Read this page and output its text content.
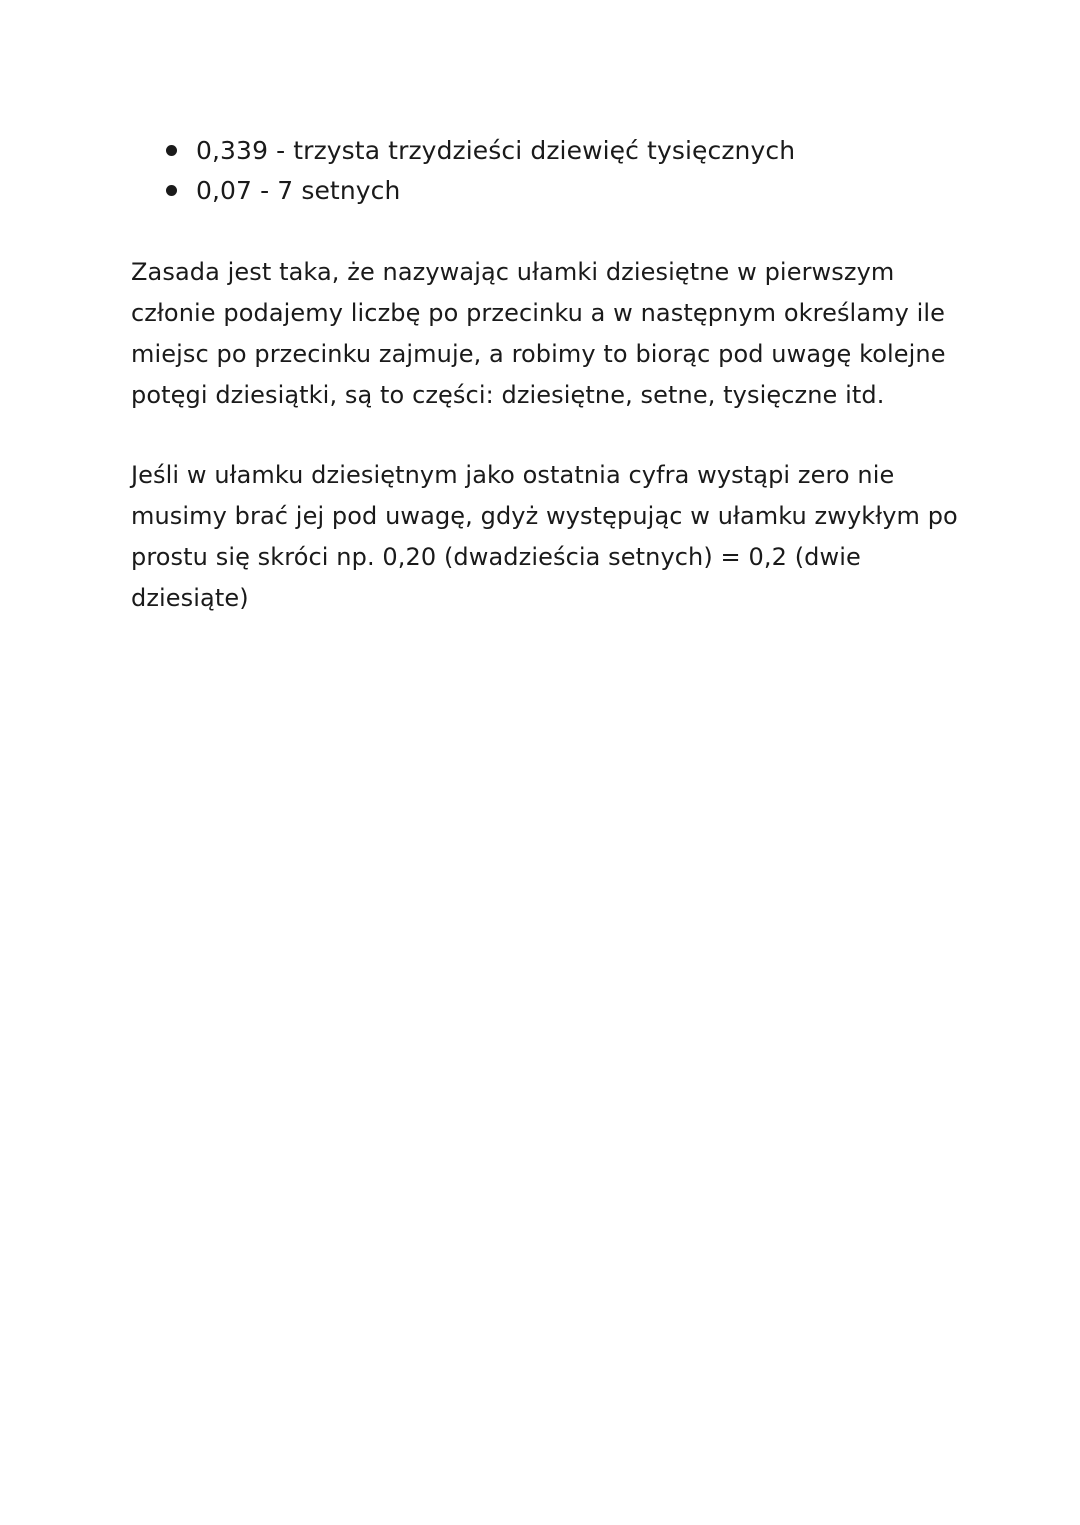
0,339 - trzysta trzydzieści dziewięć tysięcznych
0,07 - 7 setnych

Zasada jest taka, że nazywając ułamki dziesiętne w pierwszym
członie podajemy liczbę po przecinku a w następnym określamy ile
miejsc po przecinku zajmuje, a robimy to biorąc pod uwagę kolejne
potęgi dziesiątki, są to części: dziesiętne, setne, tysięczne itd.

Jeśli w ułamku dziesiętnym jako ostatnia cyfra wystąpi zero nie
musimy brać jej pod uwagę, gdyż występując w ułamku zwykłym po
prostu się skróci np. 0,20 (dwadzieścia setnych) = 0,2 (dwie
dziesiąte)
